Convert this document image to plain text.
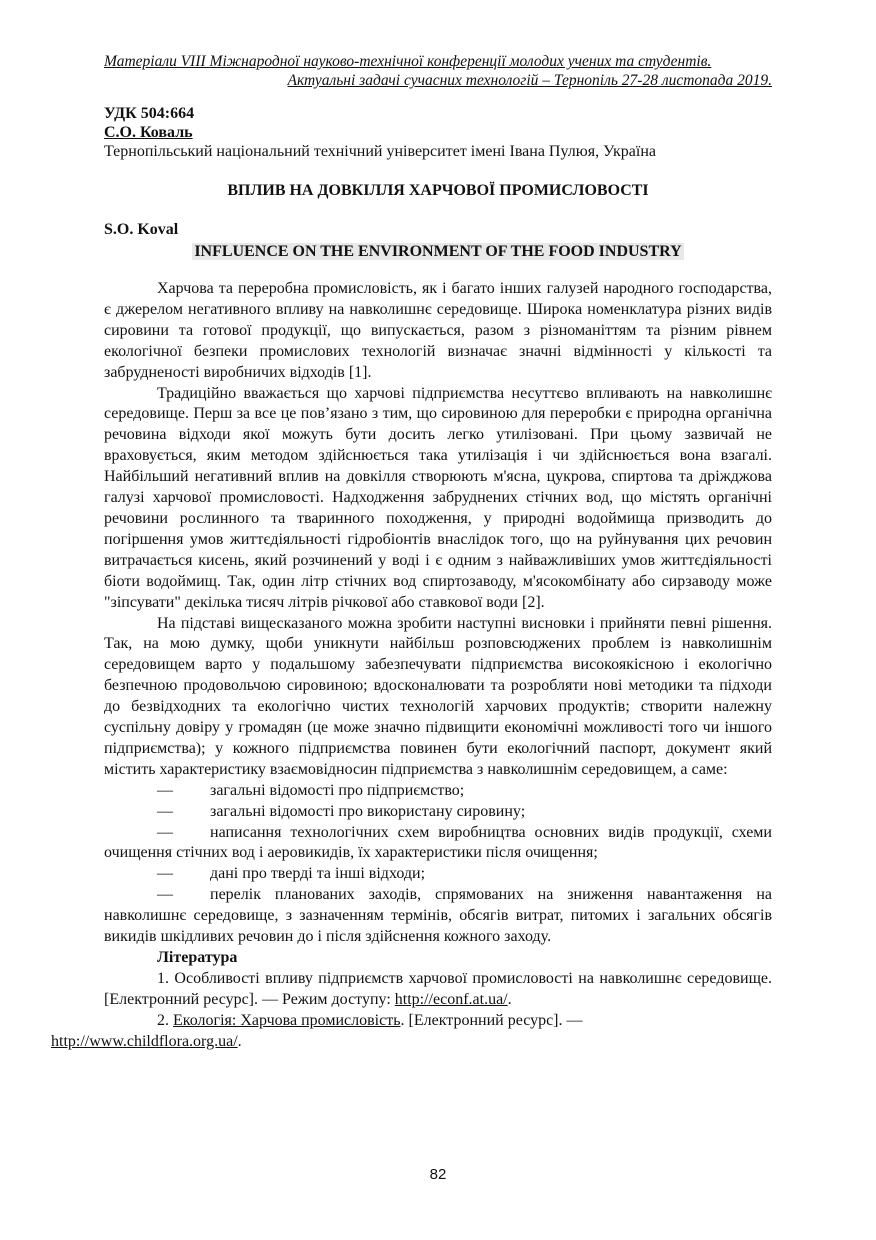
Матеріали VIII Міжнародної науково-технічної конференції молодих учених та студентів.
Актуальні задачі сучасних технологій – Тернопіль 27-28 листопада 2019.
УДК 504:664
С.О. Коваль
Тернопільський національний технічний університет імені Івана Пулюя, Україна
ВПЛИВ НА ДОВКІЛЛЯ ХАРЧОВОЇ ПРОМИСЛОВОСТІ
S.O. Koval
INFLUENCE ON THE ENVIRONMENT OF THE FOOD INDUSTRY

Харчова та переробна промисловість, як і багато інших галузей народного господарства, є джерелом негативного впливу на навколишнє середовище. Широка номенклатура різних видів сировини та готової продукції, що випускається, разом з різноманіттям та різним рівнем екологічної безпеки промислових технологій визначає значні відмінності у кількості та забрудненості виробничих відходів [1].

Традиційно вважається що харчові підприємства несуттєво впливають на навколишнє середовище. Перш за все це пов’язано з тим, що сировиною для переробки є природна органічна речовина відходи якої можуть бути досить легко утилізовані. При цьому зазвичай не враховується, яким методом здійснюється така утилізація і чи здійснюється вона взагалі. Найбільший негативний вплив на довкілля створюють м'ясна, цукрова, спиртова та дріжджова галузі харчової промисловості. Надходження забруднених стічних вод, що містять органічні речовини рослинного та тваринного походження, у природні водоймища призводить до погіршення умов життєдіяльності гідробіонтів внаслідок того, що на руйнування цих речовин витрачається кисень, який розчинений у воді і є одним з найважливіших умов життєдіяльності біоти водоймищ. Так, один літр стічних вод спиртозаводу, м'ясокомбінату або сирзаводу може "зіпсувати" декілька тисяч літрів річкової або ставкової води [2].

На підставі вищесказаного можна зробити наступні висновки і прийняти певні рішення. Так, на мою думку, щоби уникнути найбільш розповсюджених проблем із навколишнім середовищем варто у подальшому забезпечувати підприємства високоякісною і екологічно безпечною продовольчою сировиною; вдосконалювати та розробляти нові методики та підходи до безвідходних та екологічно чистих технологій харчових продуктів; створити належну суспільну довіру у громадян (це може значно підвищити економічні можливості того чи іншого підприємства); у кожного підприємства повинен бути екологічний паспорт, документ який містить характеристику взаємовідносин підприємства з навколишнім середовищем, а саме:

— загальні відомості про підприємство;
— загальні відомості про використану сировину;
— написання технологічних схем виробництва основних видів продукції, схеми очищення стічних вод і аеровикидів, їх характеристики після очищення;
— дані про тверді та інші відходи;
— перелік планованих заходів, спрямованих на зниження навантаження на навколишнє середовище, з зазначенням термінів, обсягів витрат, питомих і загальних обсягів викидів шкідливих речовин до і після здійснення кожного заходу.
Література

1. Особливості впливу підприємств харчової промисловості на навколишнє середовище. [Електронний ресурс]. — Режим доступу: http://econf.at.ua/.

2. Екологія: Харчова промисловість. [Електронний ресурс]. —
http://www.childflora.org.ua/.

82
